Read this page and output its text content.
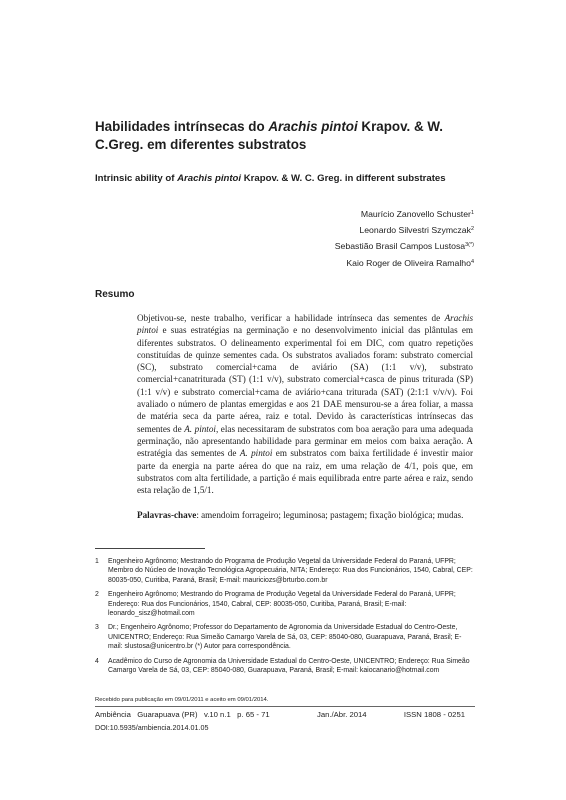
Habilidades intrínsecas do Arachis pintoi Krapov. & W. C.Greg. em diferentes substratos
Intrinsic ability of Arachis pintoi Krapov. & W. C. Greg. in different substrates
Maurício Zanovello Schuster$^1$
Leonardo Silvestri Szymczak$^2$
Sebastião Brasil Campos Lustosa$^{3(*)}$
Kaio Roger de Oliveira Ramalho$^4$
Resumo

Objetivou-se, neste trabalho, verificar a habilidade intrínseca das sementes de Arachis pintoi e suas estratégias na germinação e no desenvolvimento inicial das plântulas em diferentes substratos. O delineamento experimental foi em DIC, com quatro repetições constituídas de quinze sementes cada. Os substratos avaliados foram: substrato comercial (SC), substrato comercial+cama de aviário (SA) (1:1 v/v), substrato comercial+canatriturada (ST) (1:1 v/v), substrato comercial+casca de pinus triturada (SP) (1:1 v/v) e substrato comercial+cama de aviário+cana triturada (SAT) (2:1:1 v/v/v). Foi avaliado o número de plantas emergidas e aos 21 DAE mensurou-se a área foliar, a massa de matéria seca da parte aérea, raiz e total. Devido às características intrínsecas das sementes de A. pintoi, elas necessitaram de substratos com boa aeração para uma adequada germinação, não apresentando habilidade para germinar em meios com baixa aeração. A estratégia das sementes de A. pintoi em substratos com baixa fertilidade é investir maior parte da energia na parte aérea do que na raiz, em uma relação de 4/1, pois que, em substratos com alta fertilidade, a partição é mais equilibrada entre parte aérea e raiz, sendo esta relação de 1,5/1.

Palavras-chave: amendoim forrageiro; leguminosa; pastagem; fixação biológica; mudas.

1 Engenheiro Agrônomo; Mestrando do Programa de Produção Vegetal da Universidade Federal do Paraná, UFPR; Membro do Núcleo de Inovação Tecnológica Agropecuária, NITA; Endereço: Rua dos Funcionários, 1540, Cabral, CEP: 80035-050, Curitiba, Paraná, Brasil; E-mail: mauriciozs@brturbo.com.br
2 Engenheiro Agrônomo; Mestrando do Programa de Produção Vegetal da Universidade Federal do Paraná, UFPR; Endereço: Rua dos Funcionários, 1540, Cabral, CEP: 80035-050, Curitiba, Paraná, Brasil; E-mail: leonardo_sisz@hotmail.com
3 Dr.; Engenheiro Agrônomo; Professor do Departamento de Agronomia da Universidade Estadual do Centro-Oeste, UNICENTRO; Endereço: Rua Simeão Camargo Varela de Sá, 03, CEP: 85040-080, Guarapuava, Paraná, Brasil; E-mail: slustosa@unicentro.br (*) Autor para correspondência.
4 Acadêmico do Curso de Agronomia da Universidade Estadual do Centro-Oeste, UNICENTRO; Endereço: Rua Simeão Camargo Varela de Sá, 03, CEP: 85040-080, Guarapuava, Paraná, Brasil; E-mail: kaiocanario@hotmail.com
Recebido para publicação em 09/01/2011 e aceito em 09/01/2014.
Ambiência   Guarapuava (PR)   v.10 n.1   p. 65 - 71	Jan./Abr. 2014	ISSN 1808 - 0251
DOI:10.5935/ambiencia.2014.01.05
